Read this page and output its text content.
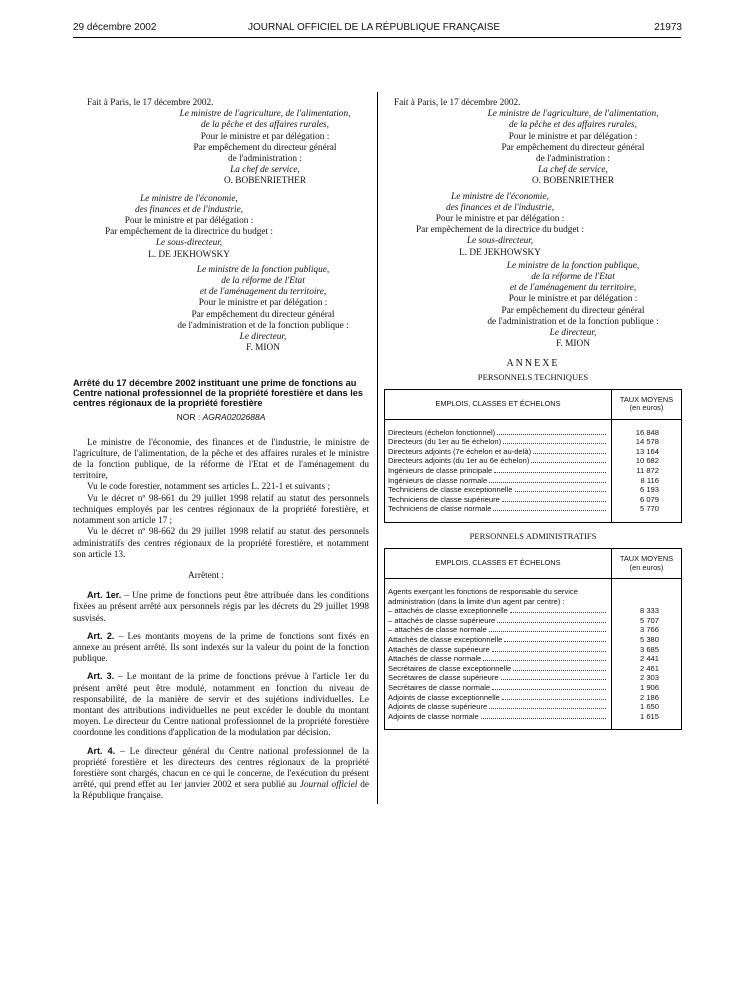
29 décembre 2002	JOURNAL OFFICIEL DE LA RÉPUBLIQUE FRANÇAISE	21973

Fait à Paris, le 17 décembre 2002.

Le ministre de l'agriculture, de l'alimentation,

de la pêche et des affaires rurales,

Pour le ministre et par délégation :

Par empêchement du directeur général

de l'administration :

La chef de service,

O. BOBENRIETHER

Le ministre de l'économie,

des finances et de l'industrie,

Pour le ministre et par délégation :

Par empêchement de la directrice du budget :

Le sous-directeur,

L. DE JEKHOWSKY

Le ministre de la fonction publique,

de la réforme de l'Etat

et de l'aménagement du territoire,

Pour le ministre et par délégation :

Par empêchement du directeur général

de l'administration et de la fonction publique :

Le directeur,

F. MION

Arrêté du 17 décembre 2002 instituant une prime de fonctions au Centre national professionnel de la propriété forestière et dans les centres régionaux de la propriété forestière

NOR : AGRA0202688A

Le ministre de l'économie, des finances et de l'industrie, le ministre de l'agriculture, de l'alimentation, de la pêche et des affaires rurales et le ministre de la fonction publique, de la réforme de l'Etat et de l'aménagement du territoire,

Vu le code forestier, notamment ses articles L. 221-1 et suivants ;

Vu le décret nº 98-661 du 29 juillet 1998 relatif au statut des personnels techniques employés par les centres régionaux de la propriété forestière, et notamment son article 17 ;

Vu le décret nº 98-662 du 29 juillet 1998 relatif au statut des personnels administratifs des centres régionaux de la propriété forestière, et notamment son article 13.

Arrêtent :

Art. 1er. – Une prime de fonctions peut être attribuée dans les conditions fixées au présent arrêté aux personnels régis par les décrets du 29 juillet 1998 susvisés.

Art. 2. – Les montants moyens de la prime de fonctions sont fixés en annexe au présent arrêté. Ils sont indexés sur la valeur du point de la fonction publique.

Art. 3. – Le montant de la prime de fonctions prévue à l'article 1er du présent arrêté peut être modulé, notamment en fonction du niveau de responsabilité, de la manière de servir et des sujétions individuelles. Le montant des attributions individuelles ne peut excéder le double du montant moyen. Le directeur du Centre national professionnel de la propriété forestière coordonne les conditions d'application de la modulation par décision.

Art. 4. – Le directeur général du Centre national professionnel de la propriété forestière et les directeurs des centres régionaux de la propriété forestière sont chargés, chacun en ce qui le concerne, de l'exécution du présent arrêté, qui prend effet au 1er janvier 2002 et sera publié au Journal officiel de la République française.

Fait à Paris, le 17 décembre 2002.

Le ministre de l'agriculture, de l'alimentation,

de la pêche et des affaires rurales,

Pour le ministre et par délégation :

Par empêchement du directeur général

de l'administration :

La chef de service,

O. BOBENRIETHER

Le ministre de l'économie,

des finances et de l'industrie,

Pour le ministre et par délégation :

Par empêchement de la directrice du budget :

Le sous-directeur,

L. DE JEKHOWSKY

Le ministre de la fonction publique,

de la réforme de l'Etat

et de l'aménagement du territoire,

Pour le ministre et par délégation :

Par empêchement du directeur général

de l'administration et de la fonction publique :

Le directeur,

F. MION

ANNEXE

PERSONNELS TECHNIQUES

EMPLOIS, CLASSES ET ÉCHELONS	TAUX MOYENS
(en euros)

Directeurs (échelon fonctionnel)	16 848

Directeurs (du 1er au 5e échelon)	14 578

Directeurs adjoints (7e échelon et au-delà)	13 164

Directeurs adjoints (du 1er au 6e échelon)	10 682

Ingénieurs de classe principale	11 872

Ingénieurs de classe normale	8 116

Techniciens de classe exceptionnelle	6 193

Techniciens de classe supérieure	6 079

Techniciens de classe normale	5 770

PERSONNELS ADMINISTRATIFS

EMPLOIS, CLASSES ET ÉCHELONS	TAUX MOYENS
(en euros)

Agents exerçant les fonctions de responsable du service administration (dans la limite d'un agent par centre) :	

– attachés de classe exceptionnelle	8 333

– attachés de classe supérieure	5 707

– attachés de classe normale	3 766

Attachés de classe exceptionnelle	5 380

Attachés de classe supérieure	3 685

Attachés de classe normale	2 441

Secrétaires de classe exceptionnelle	2 461

Secrétaires de classe supérieure	2 303

Secrétaires de classe normale	1 906

Adjoints de classe exceptionnelle	2 186

Adjoints de classe supérieure	1 650

Adjoints de classe normale	1 615
